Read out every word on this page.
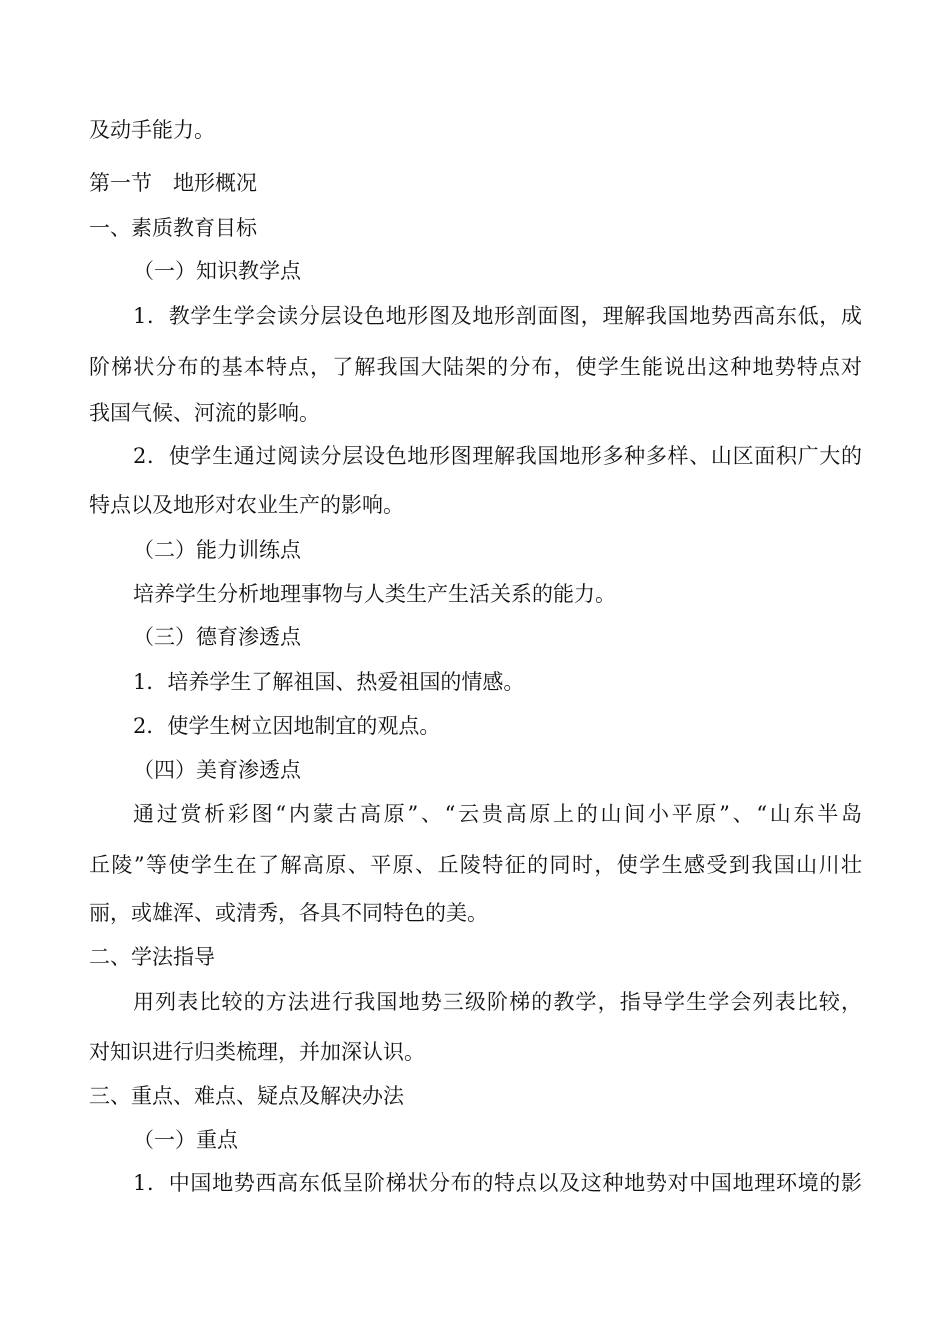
及动手能力。
第一节　地形概况
一、素质教育目标
（一）知识教学点
1．教学生学会读分层设色地形图及地形剖面图，理解我国地势西高东低，成
阶梯状分布的基本特点，了解我国大陆架的分布，使学生能说出这种地势特点对
我国气候、河流的影响。
2．使学生通过阅读分层设色地形图理解我国地形多种多样、山区面积广大的
特点以及地形对农业生产的影响。
（二）能力训练点
培养学生分析地理事物与人类生产生活关系的能力。
（三）德育渗透点
1．培养学生了解祖国、热爱祖国的情感。
2．使学生树立因地制宜的观点。
（四）美育渗透点
通过赏析彩图“内蒙古高原”、“云贵高原上的山间小平原”、“山东半岛
丘陵”等使学生在了解高原、平原、丘陵特征的同时，使学生感受到我国山川壮
丽，或雄浑、或清秀，各具不同特色的美。
二、学法指导
用列表比较的方法进行我国地势三级阶梯的教学，指导学生学会列表比较，
对知识进行归类梳理，并加深认识。
三、重点、难点、疑点及解决办法
（一）重点
1．中国地势西高东低呈阶梯状分布的特点以及这种地势对中国地理环境的影
